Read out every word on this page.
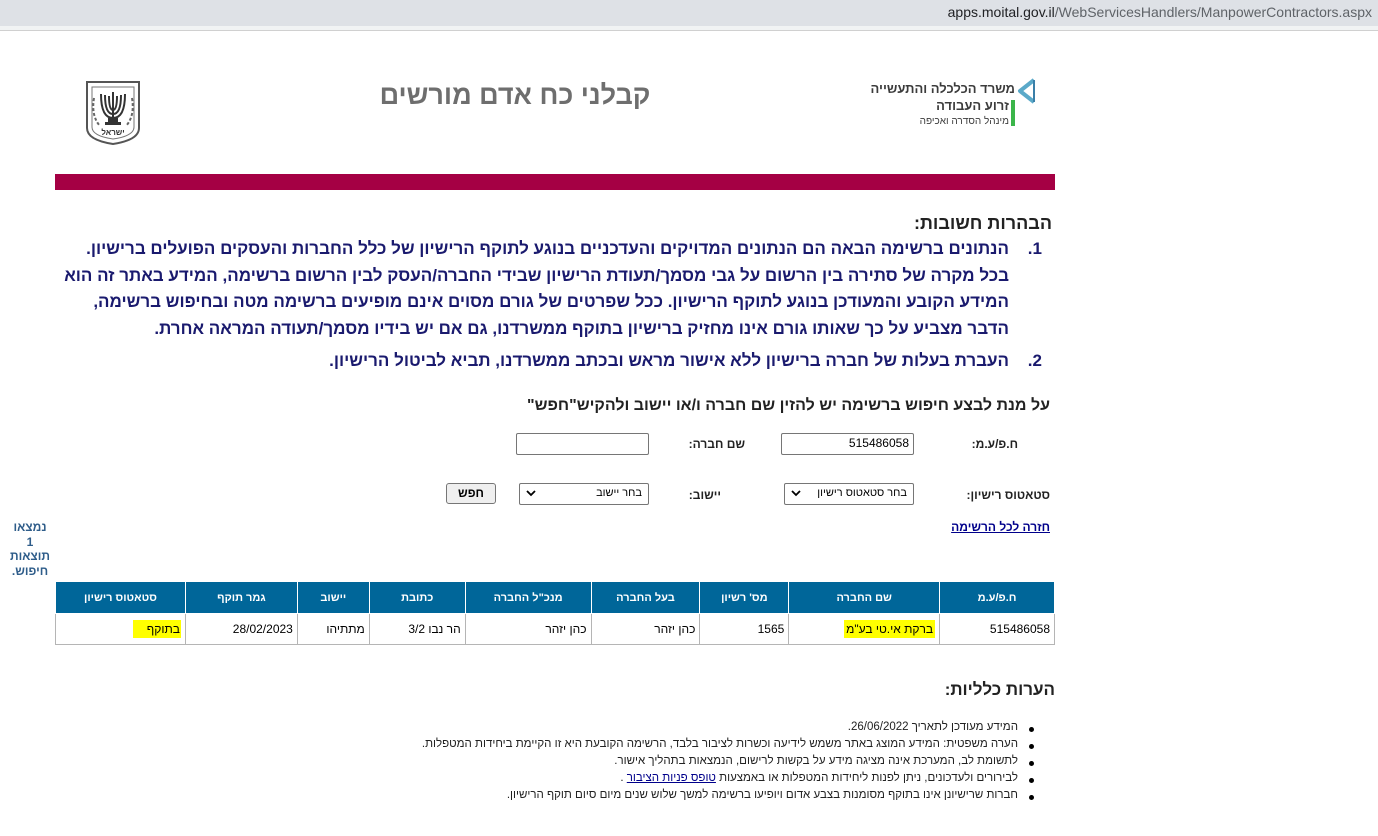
apps.moital.gov.il/WebServicesHandlers/ManpowerContractors.aspx

ישראל
קבלני כח אדם מורשים	משרד הכלכלה והתעשייה
זרוע העבודה
מינהל הסדרה ואכיפה
הבהרות חשובות:
1.
הנתונים ברשימה הבאה הם הנתונים המדויקים והעדכניים בנוגע לתוקף הרישיון של כלל החברות והעסקים הפועלים ברישיון. בכל מקרה של סתירה בין הרשום על גבי מסמך/תעודת הרישיון שבידי החברה/העסק לבין הרשום ברשימה, המידע באתר זה הוא המידע הקובע והמעודכן בנוגע לתוקף הרישיון. ככל שפרטים של גורם מסוים אינם מופיעים ברשימה מטה ובחיפוש ברשימה, הדבר מצביע על כך שאותו גורם אינו מחזיק ברישיון בתוקף ממשרדנו, גם אם יש בידיו מסמך/תעודה המראה אחרת.
2.
העברת בעלות של חברה ברישיון ללא אישור מראש ובכתב ממשרדנו, תביא לביטול הרישיון.
על מנת לבצע חיפוש ברשימה יש להזין שם חברה ו/או יישוב ולהקיש"חפש"
ח.פ/ע.מ:
515486058
שם חברה:
סטאטוס רישיון:
בחר סטאטוס רישיון
יישוב:
בחר יישוב
חפש
חזרה לכל הרשימה
נמצאו
1
תוצאות
חיפוש.
ח.פ/ע.מ	שם החברה	מס' רשיון	בעל החברה	מנכ"ל החברה	כתובת	יישוב	גמר תוקף	סטאטוס רישיון
515486058	ברקת אי.טי בע"מ	1565	כהן יזהר	כהן יזהר	הר נבו 3/2	מתתיהו	28/02/2023	בתוקף
הערות כלליות:
המידע מעודכן לתאריך 26/06/2022.
הערה משפטית: המידע המוצג באתר משמש לידיעה וכשרות לציבור בלבד, הרשימה הקובעת היא זו הקיימת ביחידות המטפלות.
לתשומת לב, המערכת אינה מציגה מידע על בקשות לרישום, הנמצאות בתהליך אישור.
לבירורים ולעדכונים, ניתן לפנות ליחידות המטפלות או באמצעות טופס פניות הציבור .
חברות שרישיונן אינו בתוקף מסומנות בצבע אדום ויופיעו ברשימה למשך שלוש שנים מיום סיום תוקף הרישיון.
